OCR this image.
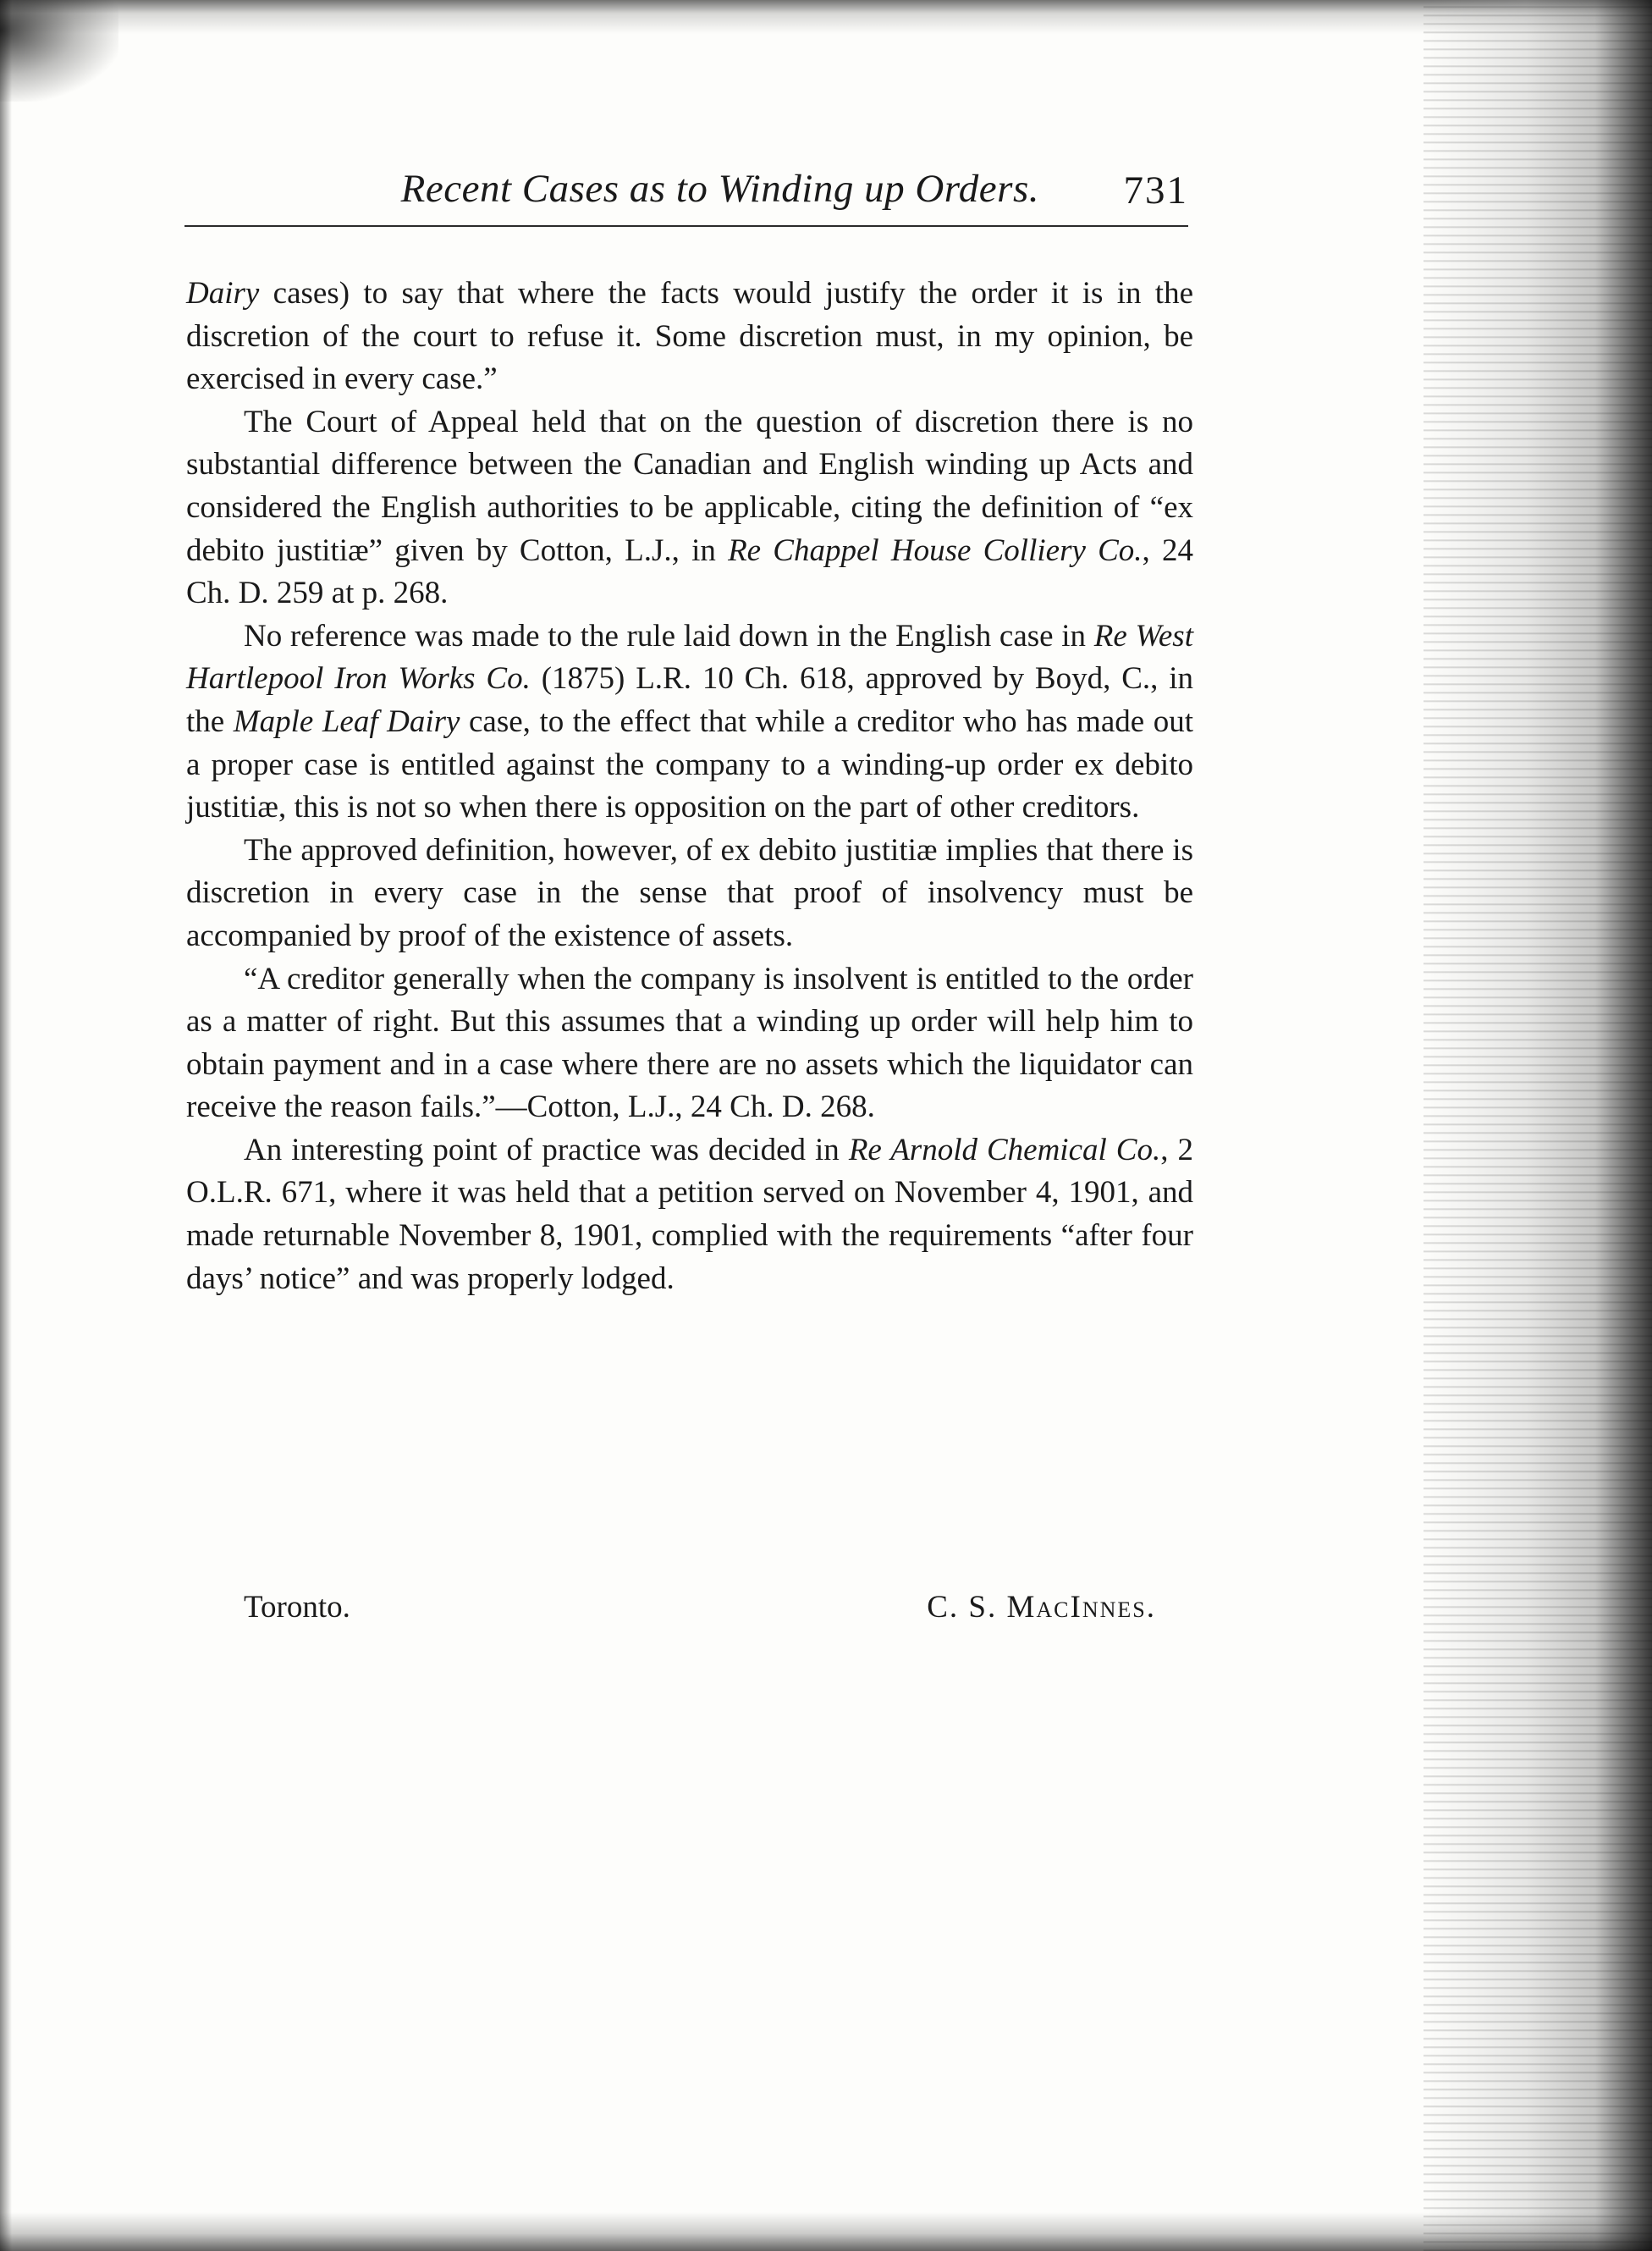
Recent Cases as to Winding up Orders. 731

Dairy cases) to say that where the facts would justify the order it is in the discretion of the court to refuse it. Some discretion must, in my opinion, be exercised in every case.”

The Court of Appeal held that on the question of discretion there is no substantial difference between the Canadian and English winding up Acts and considered the English authorities to be applicable, citing the definition of “ex debito justitiæ” given by Cotton, L.J., in Re Chappel House Colliery Co., 24 Ch. D. 259 at p. 268.

No reference was made to the rule laid down in the English case in Re West Hartlepool Iron Works Co. (1875) L.R. 10 Ch. 618, approved by Boyd, C., in the Maple Leaf Dairy case, to the effect that while a creditor who has made out a proper case is entitled against the company to a winding-up order ex debito justitiæ, this is not so when there is opposition on the part of other creditors.

The approved definition, however, of ex debito justitiæ implies that there is discretion in every case in the sense that proof of insolvency must be accompanied by proof of the existence of assets.

“A creditor generally when the company is insolvent is entitled to the order as a matter of right. But this assumes that a winding up order will help him to obtain payment and in a case where there are no assets which the liquidator can receive the reason fails.”—Cotton, L.J., 24 Ch. D. 268.

An interesting point of practice was decided in Re Arnold Chemical Co., 2 O.L.R. 671, where it was held that a petition served on November 4, 1901, and made returnable November 8, 1901, complied with the requirements “after four days’ notice” and was properly lodged.

Toronto.	C. S. MacInnes.
